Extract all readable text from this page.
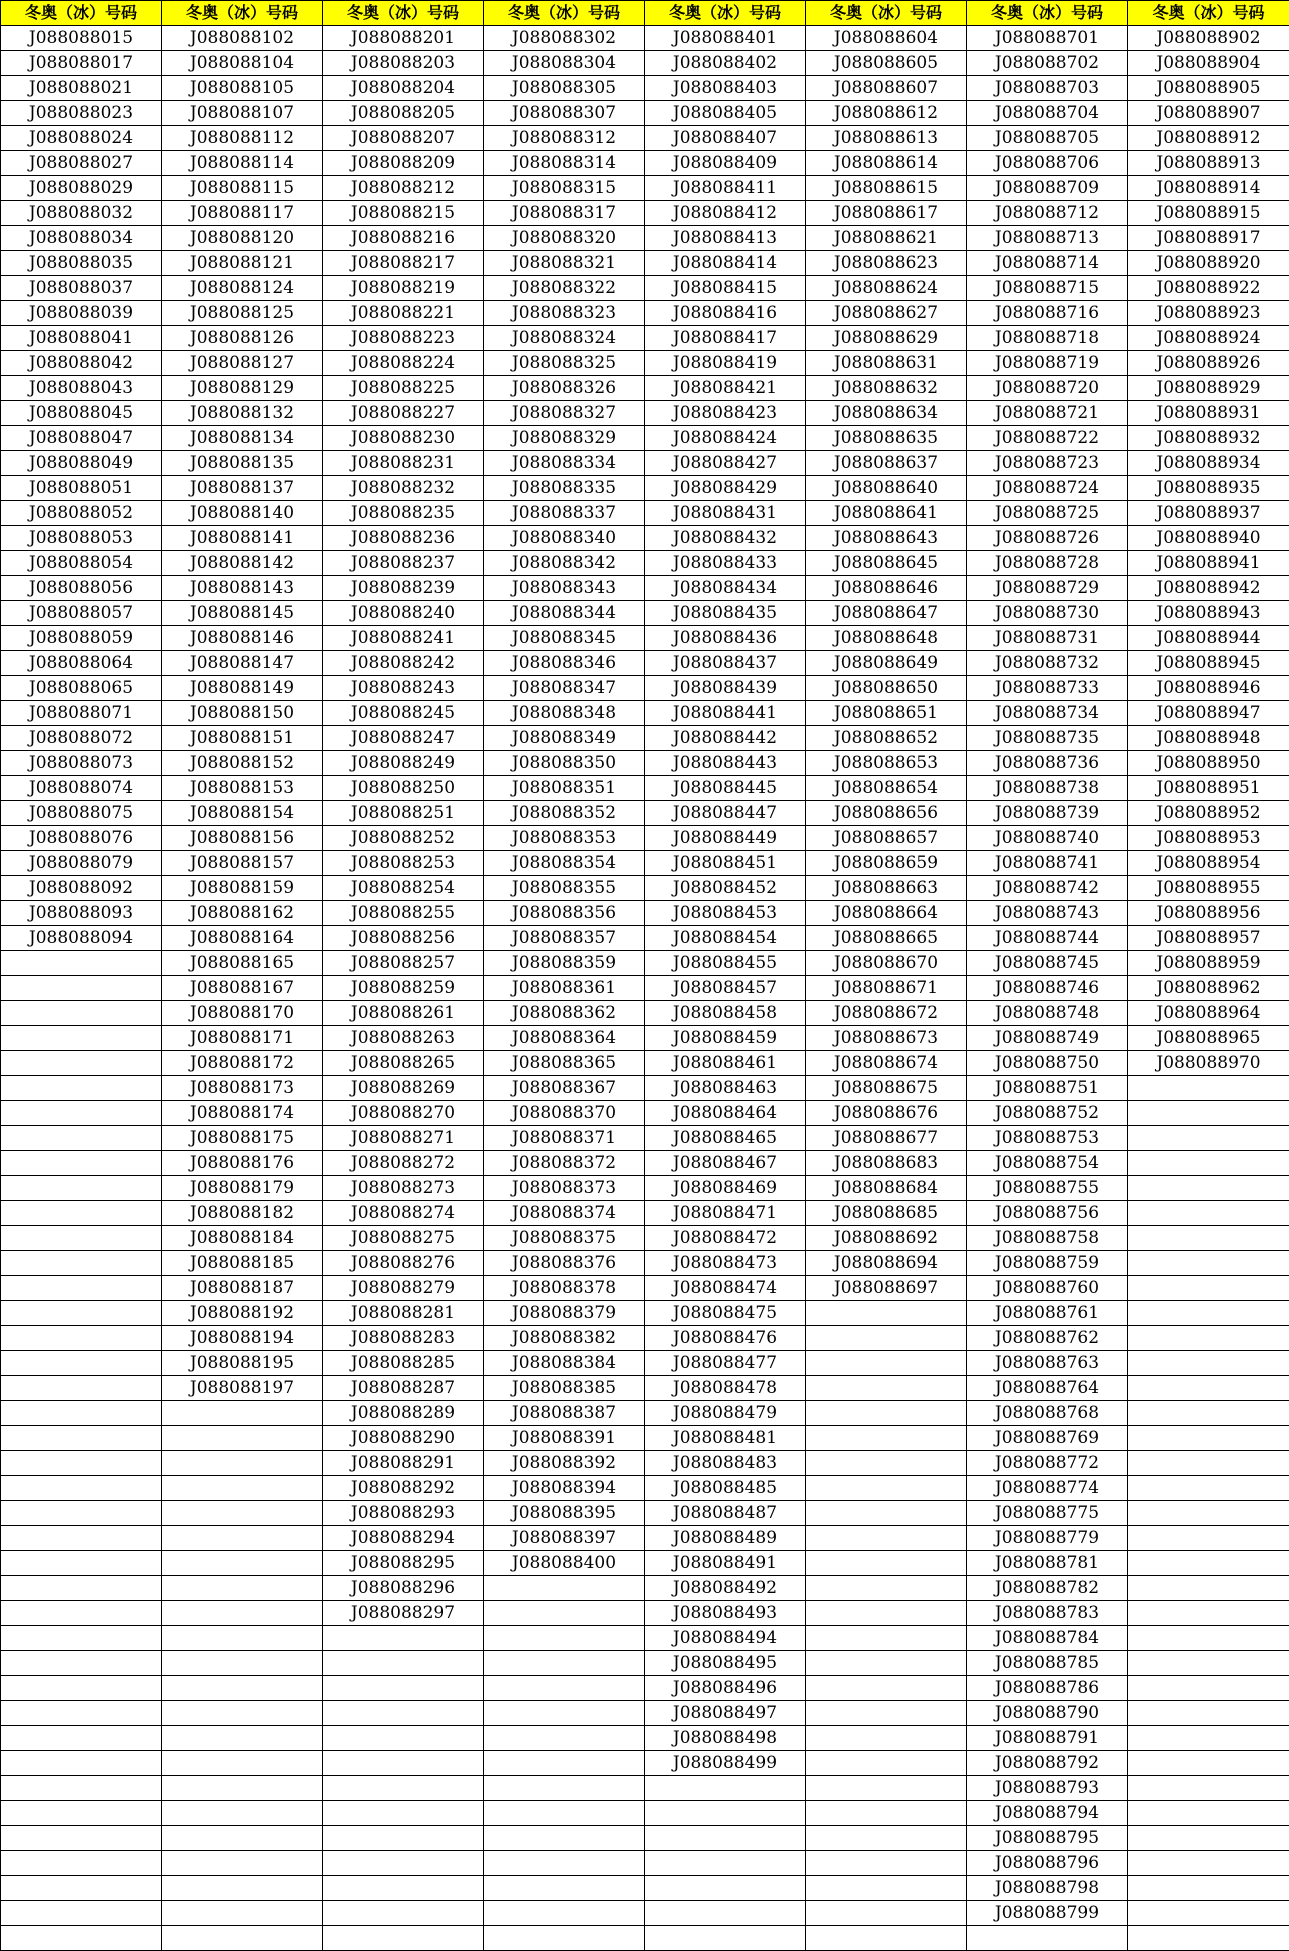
冬奥（冰）号码	冬奥（冰）号码	冬奥（冰）号码	冬奥（冰）号码	冬奥（冰）号码	冬奥（冰）号码	冬奥（冰）号码	冬奥（冰）号码
J088088015	J088088102	J088088201	J088088302	J088088401	J088088604	J088088701	J088088902
J088088017	J088088104	J088088203	J088088304	J088088402	J088088605	J088088702	J088088904
J088088021	J088088105	J088088204	J088088305	J088088403	J088088607	J088088703	J088088905
J088088023	J088088107	J088088205	J088088307	J088088405	J088088612	J088088704	J088088907
J088088024	J088088112	J088088207	J088088312	J088088407	J088088613	J088088705	J088088912
J088088027	J088088114	J088088209	J088088314	J088088409	J088088614	J088088706	J088088913
J088088029	J088088115	J088088212	J088088315	J088088411	J088088615	J088088709	J088088914
J088088032	J088088117	J088088215	J088088317	J088088412	J088088617	J088088712	J088088915
J088088034	J088088120	J088088216	J088088320	J088088413	J088088621	J088088713	J088088917
J088088035	J088088121	J088088217	J088088321	J088088414	J088088623	J088088714	J088088920
J088088037	J088088124	J088088219	J088088322	J088088415	J088088624	J088088715	J088088922
J088088039	J088088125	J088088221	J088088323	J088088416	J088088627	J088088716	J088088923
J088088041	J088088126	J088088223	J088088324	J088088417	J088088629	J088088718	J088088924
J088088042	J088088127	J088088224	J088088325	J088088419	J088088631	J088088719	J088088926
J088088043	J088088129	J088088225	J088088326	J088088421	J088088632	J088088720	J088088929
J088088045	J088088132	J088088227	J088088327	J088088423	J088088634	J088088721	J088088931
J088088047	J088088134	J088088230	J088088329	J088088424	J088088635	J088088722	J088088932
J088088049	J088088135	J088088231	J088088334	J088088427	J088088637	J088088723	J088088934
J088088051	J088088137	J088088232	J088088335	J088088429	J088088640	J088088724	J088088935
J088088052	J088088140	J088088235	J088088337	J088088431	J088088641	J088088725	J088088937
J088088053	J088088141	J088088236	J088088340	J088088432	J088088643	J088088726	J088088940
J088088054	J088088142	J088088237	J088088342	J088088433	J088088645	J088088728	J088088941
J088088056	J088088143	J088088239	J088088343	J088088434	J088088646	J088088729	J088088942
J088088057	J088088145	J088088240	J088088344	J088088435	J088088647	J088088730	J088088943
J088088059	J088088146	J088088241	J088088345	J088088436	J088088648	J088088731	J088088944
J088088064	J088088147	J088088242	J088088346	J088088437	J088088649	J088088732	J088088945
J088088065	J088088149	J088088243	J088088347	J088088439	J088088650	J088088733	J088088946
J088088071	J088088150	J088088245	J088088348	J088088441	J088088651	J088088734	J088088947
J088088072	J088088151	J088088247	J088088349	J088088442	J088088652	J088088735	J088088948
J088088073	J088088152	J088088249	J088088350	J088088443	J088088653	J088088736	J088088950
J088088074	J088088153	J088088250	J088088351	J088088445	J088088654	J088088738	J088088951
J088088075	J088088154	J088088251	J088088352	J088088447	J088088656	J088088739	J088088952
J088088076	J088088156	J088088252	J088088353	J088088449	J088088657	J088088740	J088088953
J088088079	J088088157	J088088253	J088088354	J088088451	J088088659	J088088741	J088088954
J088088092	J088088159	J088088254	J088088355	J088088452	J088088663	J088088742	J088088955
J088088093	J088088162	J088088255	J088088356	J088088453	J088088664	J088088743	J088088956
J088088094	J088088164	J088088256	J088088357	J088088454	J088088665	J088088744	J088088957
	J088088165	J088088257	J088088359	J088088455	J088088670	J088088745	J088088959
	J088088167	J088088259	J088088361	J088088457	J088088671	J088088746	J088088962
	J088088170	J088088261	J088088362	J088088458	J088088672	J088088748	J088088964
	J088088171	J088088263	J088088364	J088088459	J088088673	J088088749	J088088965
	J088088172	J088088265	J088088365	J088088461	J088088674	J088088750	J088088970
	J088088173	J088088269	J088088367	J088088463	J088088675	J088088751	
	J088088174	J088088270	J088088370	J088088464	J088088676	J088088752	
	J088088175	J088088271	J088088371	J088088465	J088088677	J088088753	
	J088088176	J088088272	J088088372	J088088467	J088088683	J088088754	
	J088088179	J088088273	J088088373	J088088469	J088088684	J088088755	
	J088088182	J088088274	J088088374	J088088471	J088088685	J088088756	
	J088088184	J088088275	J088088375	J088088472	J088088692	J088088758	
	J088088185	J088088276	J088088376	J088088473	J088088694	J088088759	
	J088088187	J088088279	J088088378	J088088474	J088088697	J088088760	
	J088088192	J088088281	J088088379	J088088475		J088088761	
	J088088194	J088088283	J088088382	J088088476		J088088762	
	J088088195	J088088285	J088088384	J088088477		J088088763	
	J088088197	J088088287	J088088385	J088088478		J088088764	
		J088088289	J088088387	J088088479		J088088768	
		J088088290	J088088391	J088088481		J088088769	
		J088088291	J088088392	J088088483		J088088772	
		J088088292	J088088394	J088088485		J088088774	
		J088088293	J088088395	J088088487		J088088775	
		J088088294	J088088397	J088088489		J088088779	
		J088088295	J088088400	J088088491		J088088781	
		J088088296		J088088492		J088088782	
		J088088297		J088088493		J088088783	
				J088088494		J088088784	
				J088088495		J088088785	
				J088088496		J088088786	
				J088088497		J088088790	
				J088088498		J088088791	
				J088088499		J088088792	
						J088088793	
						J088088794	
						J088088795	
						J088088796	
						J088088798	
						J088088799	
